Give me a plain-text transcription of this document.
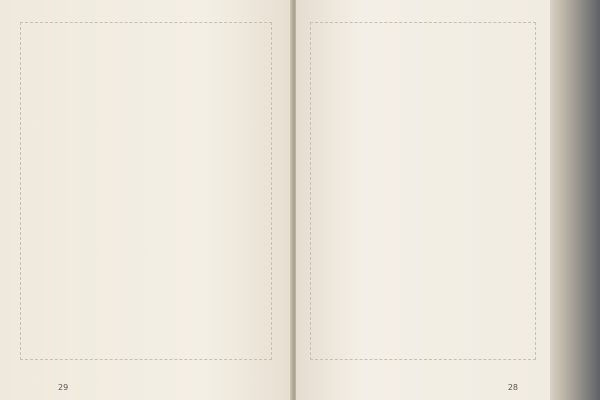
29	28
